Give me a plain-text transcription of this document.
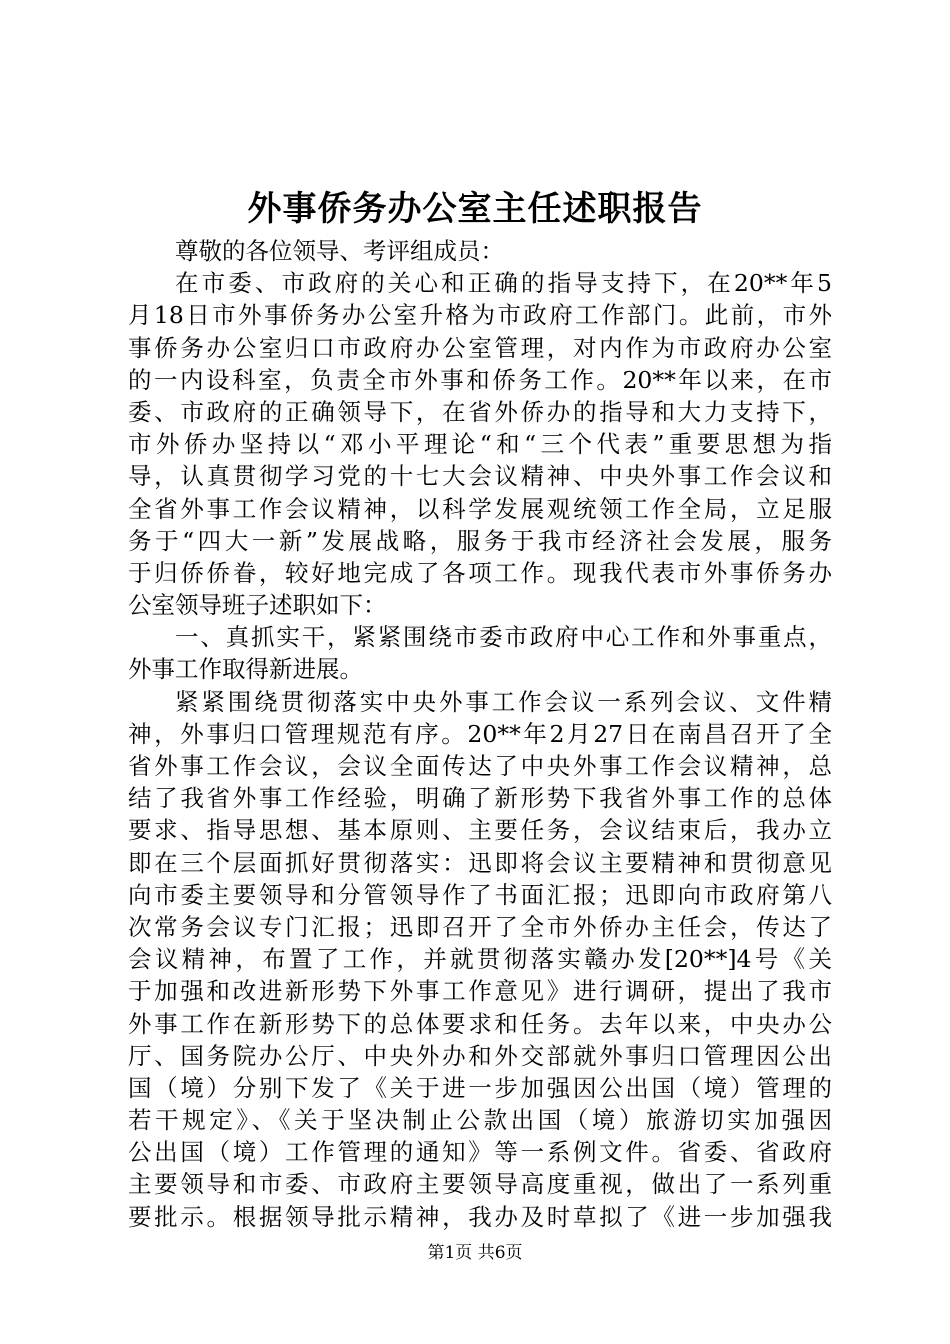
外事侨务办公室主任述职报告
尊敬的各位领导、考评组成员：
在市委、市政府的关心和正确的指导支持下，在20**年5
月18日市外事侨务办公室升格为市政府工作部门。此前，市外
事侨务办公室归口市政府办公室管理，对内作为市政府办公室
的一内设科室，负责全市外事和侨务工作。20**年以来，在市
委、市政府的正确领导下，在省外侨办的指导和大力支持下，
市外侨办坚持以“邓小平理论“和“三个代表”重要思想为指
导，认真贯彻学习党的十七大会议精神、中央外事工作会议和
全省外事工作会议精神，以科学发展观统领工作全局，立足服
务于“四大一新”发展战略，服务于我市经济社会发展，服务
于归侨侨眷，较好地完成了各项工作。现我代表市外事侨务办
公室领导班子述职如下：
一、真抓实干，紧紧围绕市委市政府中心工作和外事重点，
外事工作取得新进展。
紧紧围绕贯彻落实中央外事工作会议一系列会议、文件精
神，外事归口管理规范有序。20**年2月27日在南昌召开了全
省外事工作会议，会议全面传达了中央外事工作会议精神，总
结了我省外事工作经验，明确了新形势下我省外事工作的总体
要求、指导思想、基本原则、主要任务，会议结束后，我办立
即在三个层面抓好贯彻落实：迅即将会议主要精神和贯彻意见
向市委主要领导和分管领导作了书面汇报；迅即向市政府第八
次常务会议专门汇报；迅即召开了全市外侨办主任会，传达了
会议精神，布置了工作，并就贯彻落实赣办发[20**]4号《关
于加强和改进新形势下外事工作意见》进行调研，提出了我市
外事工作在新形势下的总体要求和任务。去年以来，中央办公
厅、国务院办公厅、中央外办和外交部就外事归口管理因公出
国（境）分别下发了《关于进一步加强因公出国（境）管理的
若干规定》、《关于坚决制止公款出国（境）旅游切实加强因
公出国（境）工作管理的通知》等一系例文件。省委、省政府
主要领导和市委、市政府主要领导高度重视，做出了一系列重
要批示。根据领导批示精神，我办及时草拟了《进一步加强我

第1页 共6页
